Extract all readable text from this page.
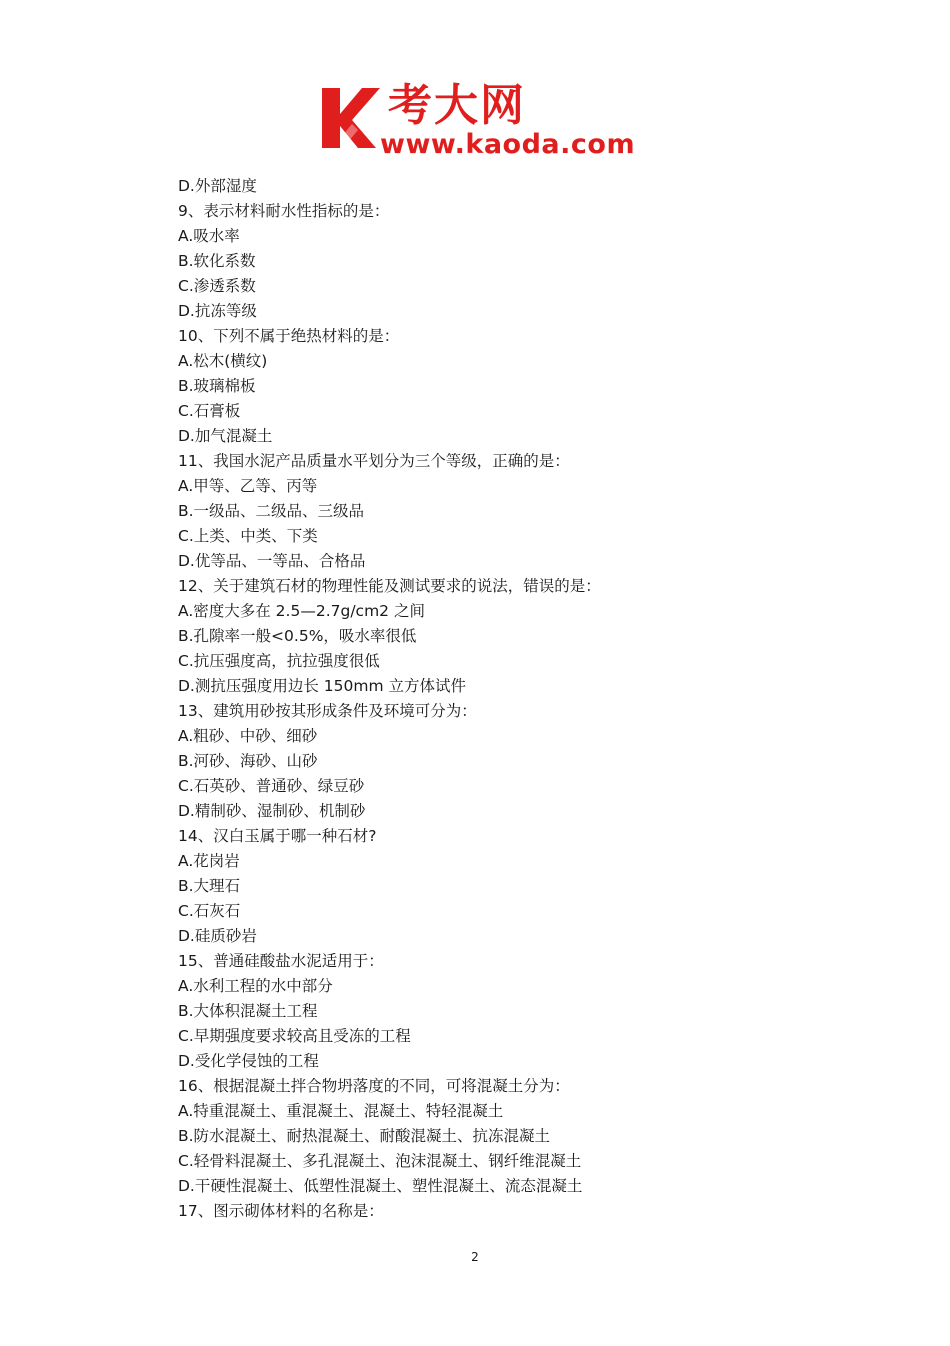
考大网
www.kaoda.com
D.外部湿度
9、表示材料耐水性指标的是：
A.吸水率
B.软化系数
C.渗透系数
D.抗冻等级
10、下列不属于绝热材料的是：
A.松木(横纹)
B.玻璃棉板
C.石膏板
D.加气混凝土
11、我国水泥产品质量水平划分为三个等级，正确的是：
A.甲等、乙等、丙等
B.一级品、二级品、三级品
C.上类、中类、下类
D.优等品、一等品、合格品
12、关于建筑石材的物理性能及测试要求的说法，错误的是：
A.密度大多在 2.5—2.7g/cm2 之间
B.孔隙率一般<0.5%，吸水率很低
C.抗压强度高，抗拉强度很低
D.测抗压强度用边长 150mm 立方体试件
13、建筑用砂按其形成条件及环境可分为：
A.粗砂、中砂、细砂
B.河砂、海砂、山砂
C.石英砂、普通砂、绿豆砂
D.精制砂、湿制砂、机制砂
14、汉白玉属于哪一种石材?
A.花岗岩
B.大理石
C.石灰石
D.硅质砂岩
15、普通硅酸盐水泥适用于：
A.水利工程的水中部分
B.大体积混凝土工程
C.早期强度要求较高且受冻的工程
D.受化学侵蚀的工程
16、根据混凝土拌合物坍落度的不同，可将混凝土分为：
A.特重混凝土、重混凝土、混凝土、特轻混凝土
B.防水混凝土、耐热混凝土、耐酸混凝土、抗冻混凝土
C.轻骨料混凝土、多孔混凝土、泡沫混凝土、钢纤维混凝土
D.干硬性混凝土、低塑性混凝土、塑性混凝土、流态混凝土
17、图示砌体材料的名称是：
2
